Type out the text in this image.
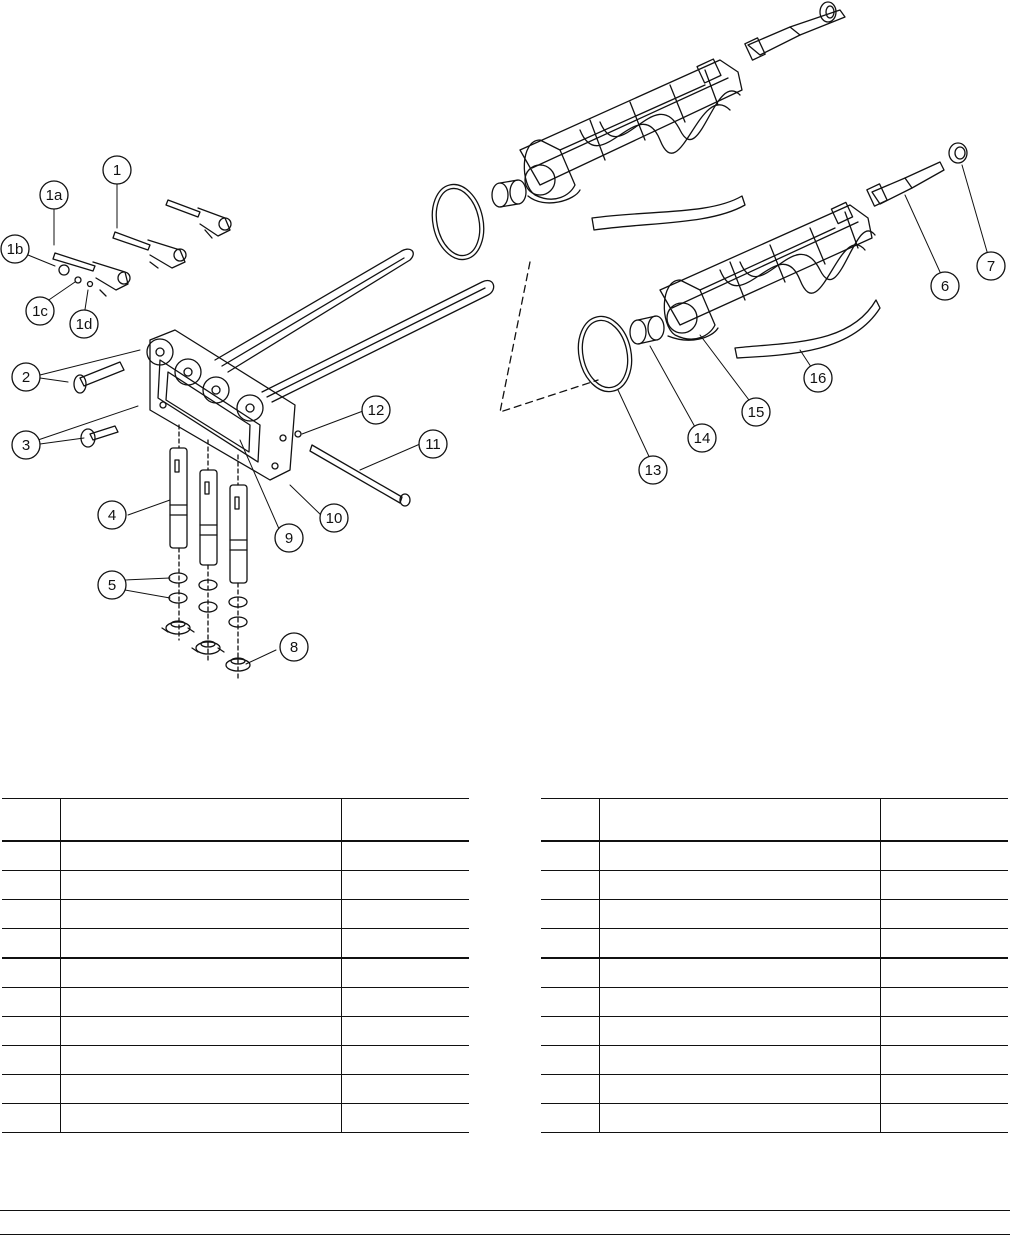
1
1a
1b
1c
1d
2
3
4
5
6
7
8
9
10
11
12
13
14
15
16
